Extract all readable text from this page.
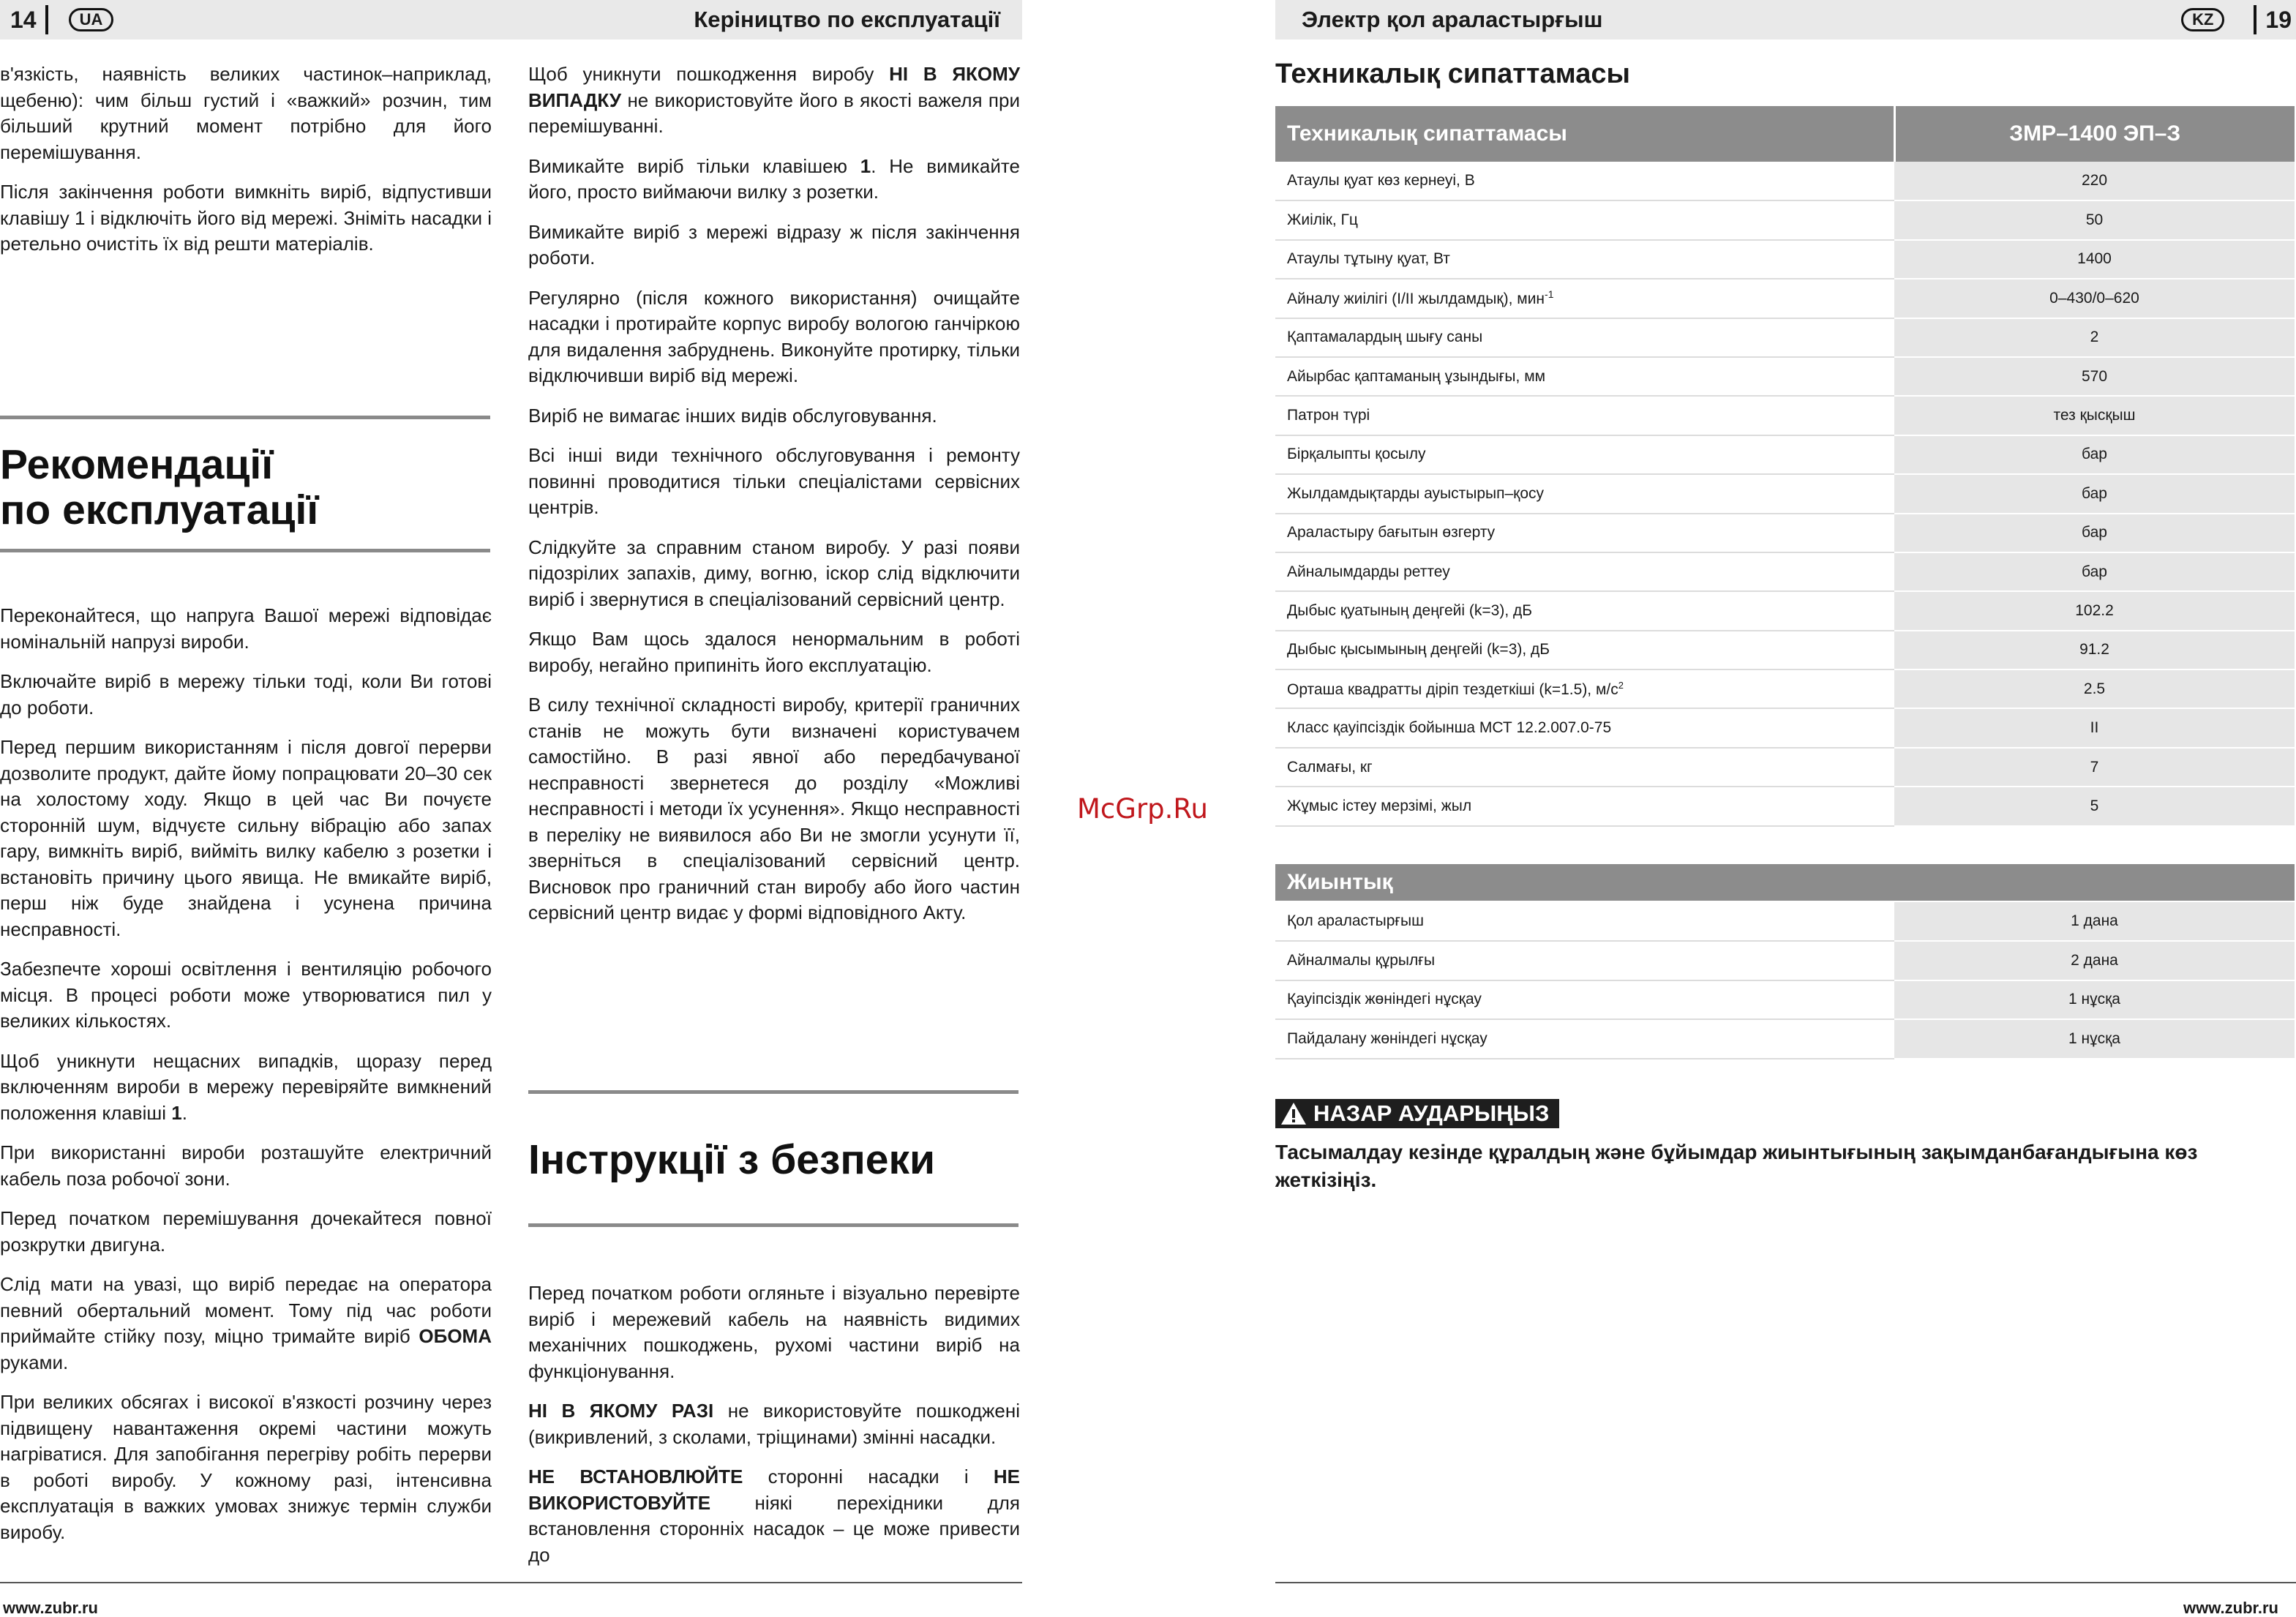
14	UA	Керіництво по експлуатації

в'язкість, наявність великих частинок–наприклад, щебеню): чим більш густий і «важкий» розчин, тим більший крутний момент потрібно для його перемішування.

Після закінчення роботи вимкніть виріб, відпустивши клавішу 1 і відключіть його від мережі. Зніміть насадки і ретельно очистіть їх від решти матеріалів.

Рекомендації
по експлуатації

Переконайтеся, що напруга Вашої мережі відповідає номінальній напрузі вироби.

Включайте виріб в мережу тільки тоді, коли Ви готові до роботи.

Перед першим використанням і після довгої перерви дозволите продукт, дайте йому попрацювати 20–30 сек на холостому ходу. Якщо в цей час Ви почуєте сторонній шум, відчуєте сильну вібрацію або запах гару, вимкніть виріб, вийміть вилку кабелю з розетки і встановіть причину цього явища. Не вмикайте виріб, перш ніж буде знайдена і усунена причина несправності.

Забезпечте хороші освітлення і вентиляцію робочого місця. В процесі роботи може утворюватися пил у великих кількостях.

Щоб уникнути нещасних випадків, щоразу перед включенням вироби в мережу перевіряйте вимкнений положення клавіші 1.

При використанні вироби розташуйте електричний кабель поза робочої зони.

Перед початком перемішування дочекайтеся повної розкрутки двигуна.

Слід мати на увазі, що виріб передає на оператора певний обертальний момент. Тому під час роботи приймайте стійку позу, міцно тримайте виріб ОБОМА руками.

При великих обсягах і високої в'язкості розчину через підвищену навантаження окремі частини можуть нагріватися. Для запобігання перегріву робіть перерви в роботі виробу. У кожному разі, інтенсивна експлуатація в важких умовах знижує термін служби виробу.

Щоб уникнути пошкодження виробу НІ В ЯКОМУ ВИПАДКУ не використовуйте його в якості важеля при перемішуванні.

Вимикайте виріб тільки клавішею 1. Не вимикайте його, просто виймаючи вилку з розетки.

Вимикайте виріб з мережі відразу ж після закінчення роботи.

Регулярно (після кожного використання) очищайте насадки і протирайте корпус виробу вологою ганчіркою для видалення забруднень. Виконуйте протирку, тільки відключивши виріб від мережі.

Виріб не вимагає інших видів обслуговування.

Всі інші види технічного обслуговування і ремонту повинні проводитися тільки спеціалістами сервісних центрів.

Слідкуйте за справним станом виробу. У разі появи підозрілих запахів, диму, вогню, іскор слід відключити виріб і звернутися в спеціалізований сервісний центр.

Якщо Вам щось здалося ненормальним в роботі виробу, негайно припиніть його експлуатацію.

В силу технічної складності виробу, критерії граничних станів не можуть бути визначені користувачем самостійно. В разі явної або передбачуваної несправності звернетеся до розділу «Можливі несправності і методи їх усунення». Якщо несправності в переліку не виявилося або Ви не змогли усунути її, зверніться в спеціалізований сервісний центр. Висновок про граничний стан виробу або його частин сервісний центр видає у формі відповідного Акту.

Інструкції з безпеки

Перед початком роботи огляньте і візуально перевірте виріб і мережевий кабель на наявність видимих механічних пошкоджень, рухомі частини виріб на функціонування.

НІ В ЯКОМУ РАЗІ не використовуйте пошкоджені (викривлений, з сколами, тріщинами) змінні насадки.

НЕ ВСТАНОВЛЮЙТЕ сторонні насадки і НЕ ВИКОРИСТОВУЙТЕ ніякі перехідники для встановлення сторонніх насадок – це може привести до

www.zubr.ru
McGrp.Ru
Электр қол араластырғыш	KZ	19
Техникалық сипаттамасы
Техникалық сипаттамасы	ЗМР–1400 ЭП–З
Атаулы қуат көз кернеуі, В	220
Жиілік, Гц	50
Атаулы тұтыну қуат, Вт	1400
Айналу жиілігі (I/II жылдамдық), мин$^{-1}$	0–430/0–620
Қаптамалардың шығу саны	2
Айырбас қаптаманың ұзындығы, мм	570
Патрон түрі	тез қысқыш
Бірқалыпты қосылу	бар
Жылдамдықтарды ауыстырып–қосу	бар
Араластыру бағытын өзгерту	бар
Айналымдарды реттеу	бар
Дыбыс қуатының деңгейі (k=3), дБ	102.2
Дыбыс қысымының деңгейі (k=3), дБ	91.2
Орташа квадратты діріп тездеткіші (k=1.5), $м/с^2$	2.5
Класс қауіпсіздік бойынша МСТ 12.2.007.0-75	II
Салмағы, кг	7
Жұмыс істеу мерзімі, жыл	5
Жиынтық
Қол араластырғыш	1 дана
Айналмалы құрылғы	2 дана
Қауіпсіздік жөніндегі нұсқау	1 нұсқа
Пайдалану жөніндегі нұсқау	1 нұсқа
НАЗАР АУДАРЫҢЫЗ
Тасымалдау кезінде құралдың және бұйымдар жиынтығының зақымданбағандығына көз жеткізіңіз.
www.zubr.ru
